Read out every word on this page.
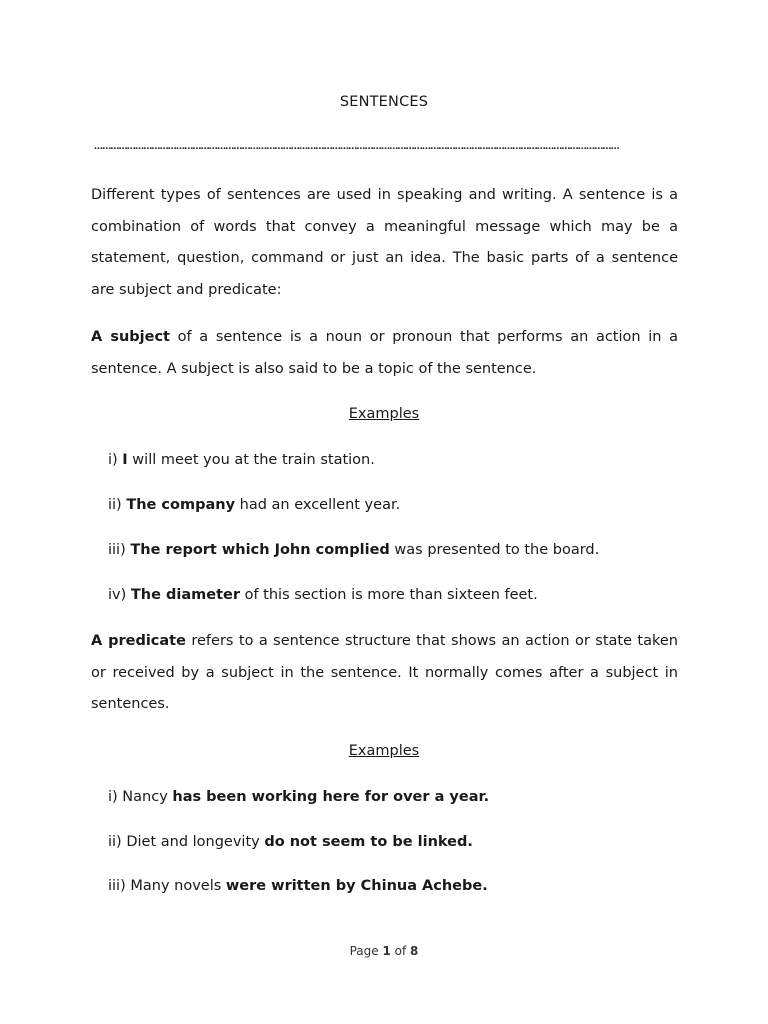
SENTENCES
…………………………………………………………………………………………………………………………………………………………………………

Different types of sentences are used in speaking and writing. A sentence is a combination of words that convey a meaningful message which may be a statement, question, command or just an idea. The basic parts of a sentence are subject and predicate:

A subject of a sentence is a noun or pronoun that performs an action in a sentence. A subject is also said to be a topic of the sentence.

Examples

i) I will meet you at the train station.

ii) The company had an excellent year.

iii) The report which John complied was presented to the board.

iv) The diameter of this section is more than sixteen feet.

A predicate refers to a sentence structure that shows an action or state taken or received by a subject in the sentence. It normally comes after a subject in sentences.

Examples

i) Nancy has been working here for over a year.

ii) Diet and longevity do not seem to be linked.

iii) Many novels were written by Chinua Achebe.

Page 1 of 8
